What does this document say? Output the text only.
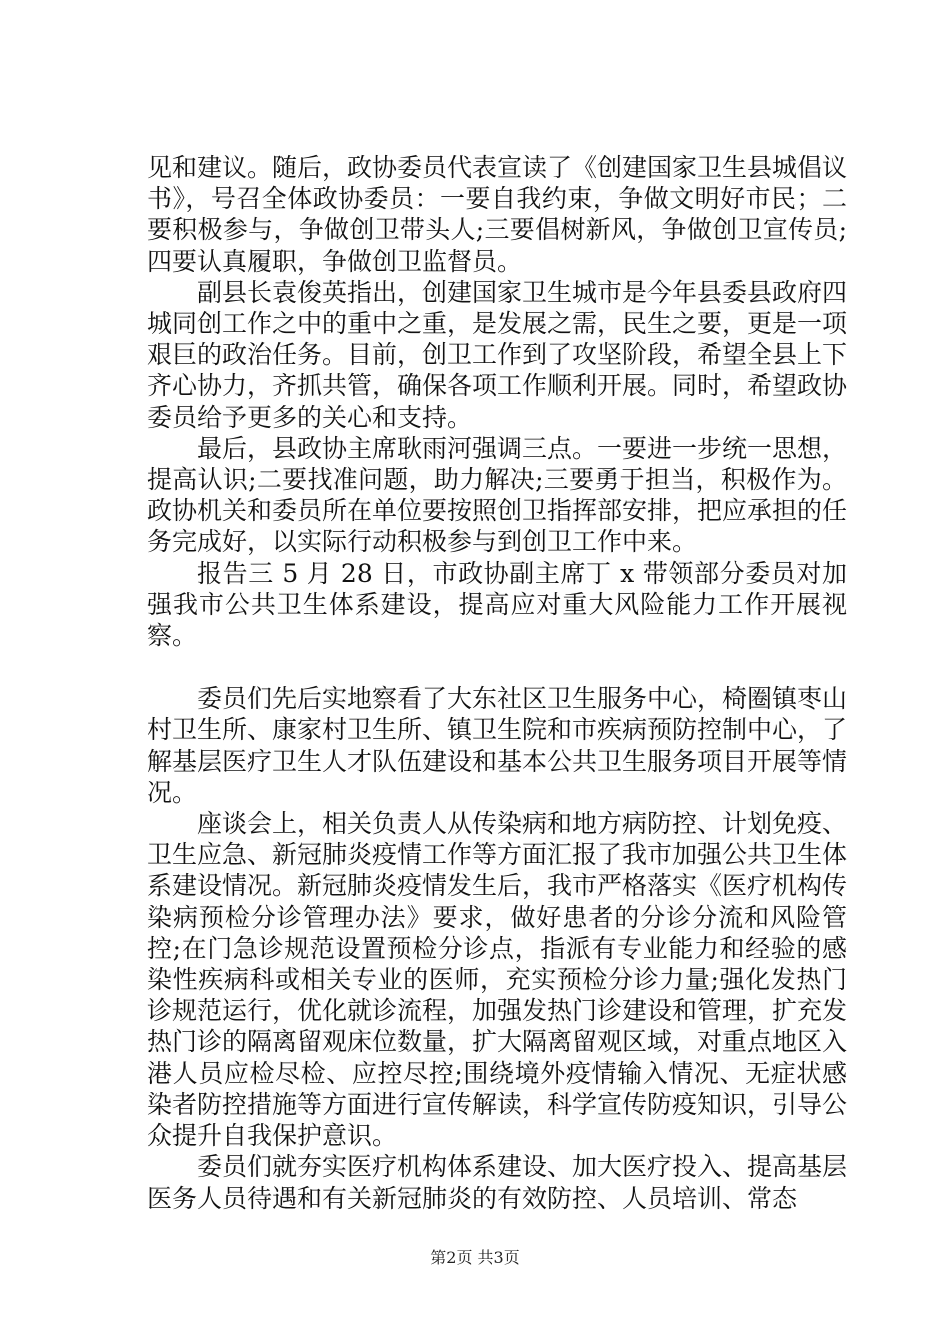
见和建议。随后，政协委员代表宣读了《创建国家卫生县城倡议书》，号召全体政协委员：一要自我约束，争做文明好市民；二要积极参与，争做创卫带头人;三要倡树新风，争做创卫宣传员;四要认真履职，争做创卫监督员。

副县长袁俊英指出，创建国家卫生城市是今年县委县政府四城同创工作之中的重中之重，是发展之需，民生之要，更是一项艰巨的政治任务。目前，创卫工作到了攻坚阶段，希望全县上下齐心协力，齐抓共管，确保各项工作顺利开展。同时，希望政协委员给予更多的关心和支持。

最后，县政协主席耿雨河强调三点。一要进一步统一思想，提高认识;二要找准问题，助力解决;三要勇于担当，积极作为。政协机关和委员所在单位要按照创卫指挥部安排，把应承担的任务完成好，以实际行动积极参与到创卫工作中来。

报告三 5 月 28 日，市政协副主席丁 x 带领部分委员对加强我市公共卫生体系建设，提高应对重大风险能力工作开展视察。

委员们先后实地察看了大东社区卫生服务中心，椅圈镇枣山村卫生所、康家村卫生所、镇卫生院和市疾病预防控制中心，了解基层医疗卫生人才队伍建设和基本公共卫生服务项目开展等情况。

座谈会上，相关负责人从传染病和地方病防控、计划免疫、卫生应急、新冠肺炎疫情工作等方面汇报了我市加强公共卫生体系建设情况。新冠肺炎疫情发生后，我市严格落实《医疗机构传染病预检分诊管理办法》要求，做好患者的分诊分流和风险管控;在门急诊规范设置预检分诊点，指派有专业能力和经验的感染性疾病科或相关专业的医师，充实预检分诊力量;强化发热门诊规范运行，优化就诊流程，加强发热门诊建设和管理，扩充发热门诊的隔离留观床位数量，扩大隔离留观区域，对重点地区入港人员应检尽检、应控尽控;围绕境外疫情输入情况、无症状感染者防控措施等方面进行宣传解读，科学宣传防疫知识，引导公众提升自我保护意识。

委员们就夯实医疗机构体系建设、加大医疗投入、提高基层医务人员待遇和有关新冠肺炎的有效防控、人员培训、常态

第2页 共3页
